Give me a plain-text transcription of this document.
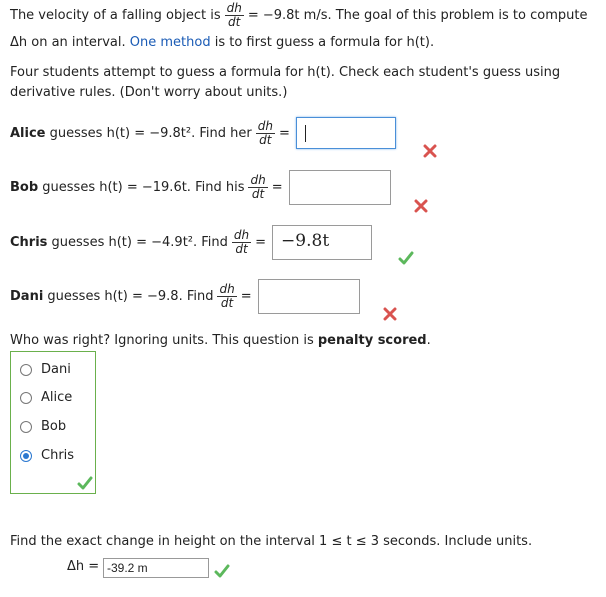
The velocity of a falling object is $\frac{dh}{dt} = -9.8t$ m/s. The goal of this problem is to compute
Δh on an interval.
One method
is to first guess a formula for h(t).
Four students attempt to guess a formula for h(t). Check each student's guess using
derivative rules. (Don't worry about units.)
Alice
guesses h(t) = −9.8t². Find her $\frac{dh}{dt}$ =
Bob
guesses h(t) = −19.6t. Find his $\frac{dh}{dt}$ =
Chris
guesses h(t) = −4.9t². Find $\frac{dh}{dt} = -9.8t$
Dani
guesses h(t) = −9.8. Find $\frac{dh}{dt}$ =
Who was right? Ignoring units. This question is
penalty scored .
Dani
Alice
Bob
Chris
Find the exact change in height on the interval 1 ≤ t ≤ 3 seconds. Include units.
Δh =
-39.2 m
